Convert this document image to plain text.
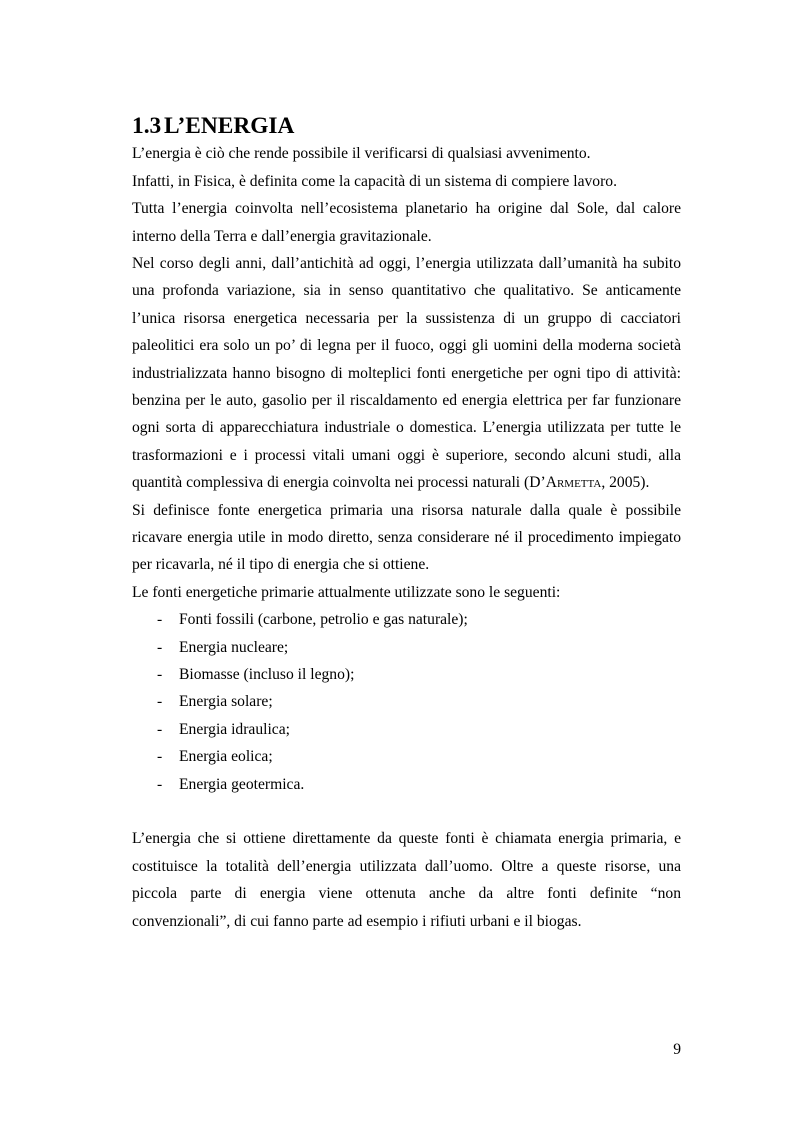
1.3 L’ENERGIA

L’energia è ciò che rende possibile il verificarsi di qualsiasi avvenimento.

Infatti, in Fisica, è definita come la capacità di un sistema di compiere lavoro.

Tutta l’energia coinvolta nell’ecosistema planetario ha origine dal Sole, dal calore interno della Terra e dall’energia gravitazionale.

Nel corso degli anni, dall’antichità ad oggi, l’energia utilizzata dall’umanità ha subito una profonda variazione, sia in senso quantitativo che qualitativo. Se anticamente l’unica risorsa energetica necessaria per la sussistenza di un gruppo di cacciatori paleolitici era solo un po’ di legna per il fuoco, oggi gli uomini della moderna società industrializzata hanno bisogno di molteplici fonti energetiche per ogni tipo di attività: benzina per le auto, gasolio per il riscaldamento ed energia elettrica per far funzionare ogni sorta di apparecchiatura industriale o domestica. L’energia utilizzata per tutte le trasformazioni e i processi vitali umani oggi è superiore, secondo alcuni studi, alla quantità complessiva di energia coinvolta nei processi naturali (D’Armetta, 2005).

Si definisce fonte energetica primaria una risorsa naturale dalla quale è possibile ricavare energia utile in modo diretto, senza considerare né il procedimento impiegato per ricavarla, né il tipo di energia che si ottiene.

Le fonti energetiche primarie attualmente utilizzate sono le seguenti:

- Fonti fossili (carbone, petrolio e gas naturale);
- Energia nucleare;
- Biomasse (incluso il legno);
- Energia solare;
- Energia idraulica;
- Energia eolica;
- Energia geotermica.

L’energia che si ottiene direttamente da queste fonti è chiamata energia primaria, e costituisce la totalità dell’energia utilizzata dall’uomo. Oltre a queste risorse, una piccola parte di energia viene ottenuta anche da altre fonti definite “non convenzionali”, di cui fanno parte ad esempio i rifiuti urbani e il biogas.

9
